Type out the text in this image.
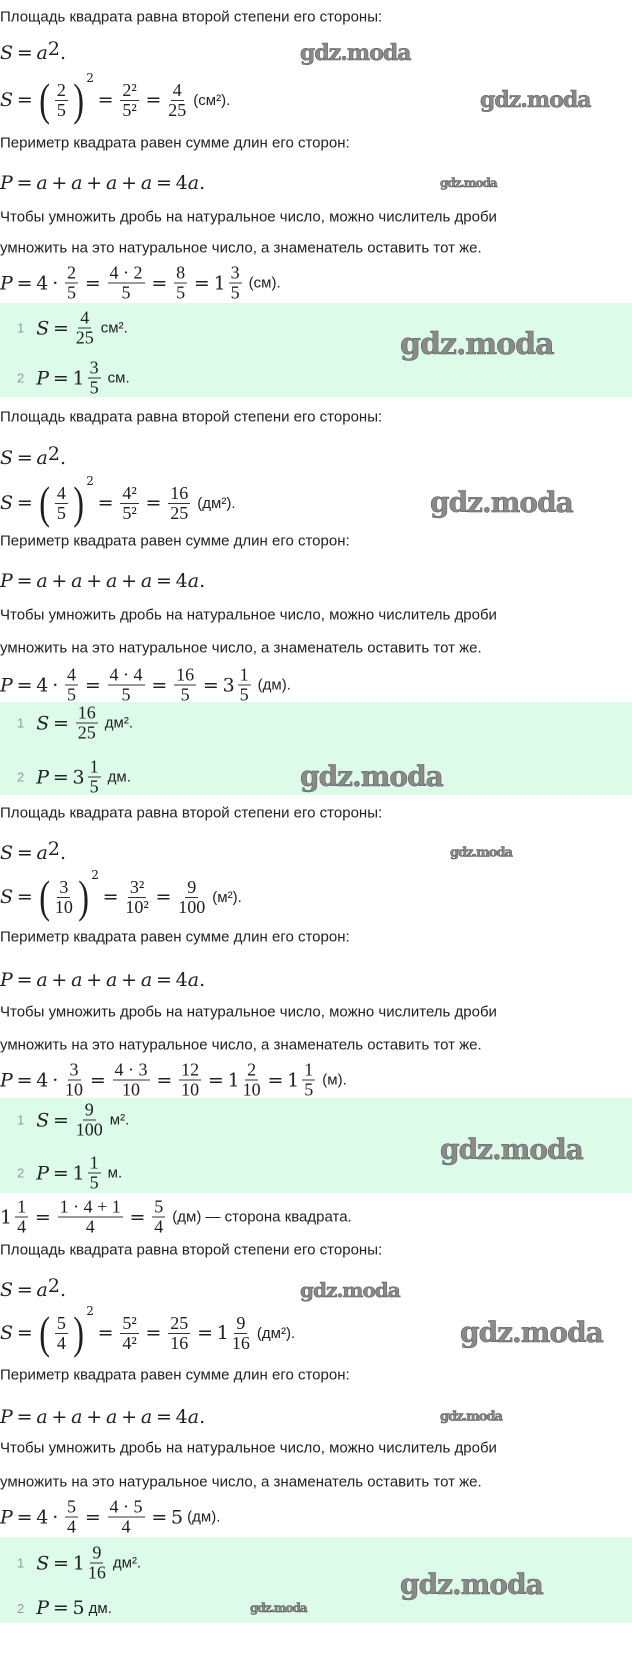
Площадь квадрата равна второй степени его стороны:
$S = a^2$ .
S =  ( $\frac{2}{5}$ ) 2
 =  $\frac{\text{2²}}{\text{5²}} = \frac{4}{25} (см^2)$.
Периметр квадрата равен сумме длин его сторон:
P = a + a + a + a = 4a.
Чтобы умножить дробь на натуральное число, можно числитель дроби
умножить на это натуральное число, а знаменатель оставить тот же.
$P = 4 \cdot \frac{2}{5} = \frac{4 \cdot 2}{5} = \frac{8}{5} = 1 \frac{3}{5} (см)$.
1 $S = \frac{4}{25} см^2$.
2 $P = 1 \frac{3}{5}$ см.
Площадь квадрата равна второй степени его стороны:
$S = a^2$ .
S =  ( $\frac{4}{5}$ ) 2
 =  $\frac{\text{4²}}{\text{5²}} = \frac{16}{25} (дм^2)$.
Периметр квадрата равен сумме длин его сторон:
P = a + a + a + a = 4a.
Чтобы умножить дробь на натуральное число, можно числитель дроби
умножить на это натуральное число, а знаменатель оставить тот же.
$P = 4 \cdot \frac{4}{5} = \frac{4 \cdot 4}{5} = \frac{16}{5} = 3 \frac{1}{5} (дм)$.
1 $S = \frac{16}{25} дм^2$.
2 $P = 3 \frac{1}{5}$ дм.
Площадь квадрата равна второй степени его стороны:
$S = a^2$ .
S =  ( $\frac{3}{10}$ ) 2
 =  $\frac{\text{3²}}{\text{10²}} = \frac{9}{100} (м^2)$.
Периметр квадрата равен сумме длин его сторон:
P = a + a + a + a = 4a.
Чтобы умножить дробь на натуральное число, можно числитель дроби
умножить на это натуральное число, а знаменатель оставить тот же.
$P = 4 \cdot \frac{3}{10} = \frac{4 \cdot 3}{10} = \frac{12}{10} = 1 \frac{2}{10} = 1 \frac{1}{5} (м)$.
1 $S = \frac{9}{100} м^2$.
2 $P = 1 \frac{1}{5} м$.
$1 \frac{1}{4} = \frac{1 \cdot 4 + 1}{4} = \frac{5}{4} (дм)$ — сторона квадрата.
Площадь квадрата равна второй степени его стороны:
$S = a^2$ .
S =  ( $\frac{5}{4}$ ) 2
 =  $\frac{\text{5²}}{\text{4²}} = \frac{25}{16} = 1 \frac{9}{16} (дм^2)$.
Периметр квадрата равен сумме длин его сторон:
P = a + a + a + a = 4a.
Чтобы умножить дробь на натуральное число, можно числитель дроби
умножить на это натуральное число, а знаменатель оставить тот же.
$P = 4 \cdot \frac{5}{4} = \frac{4 \cdot 5}{4} = 5$ (дм).
1 $S = 1 \frac{9}{16} дм^2$.
2 P = 5 дм.
gdz.moda
gdz.moda
gdz.moda
gdz.moda
gdz.moda
gdz.moda
gdz.moda
gdz.moda
gdz.moda
gdz.moda
gdz.moda
gdz.moda
gdz.moda
